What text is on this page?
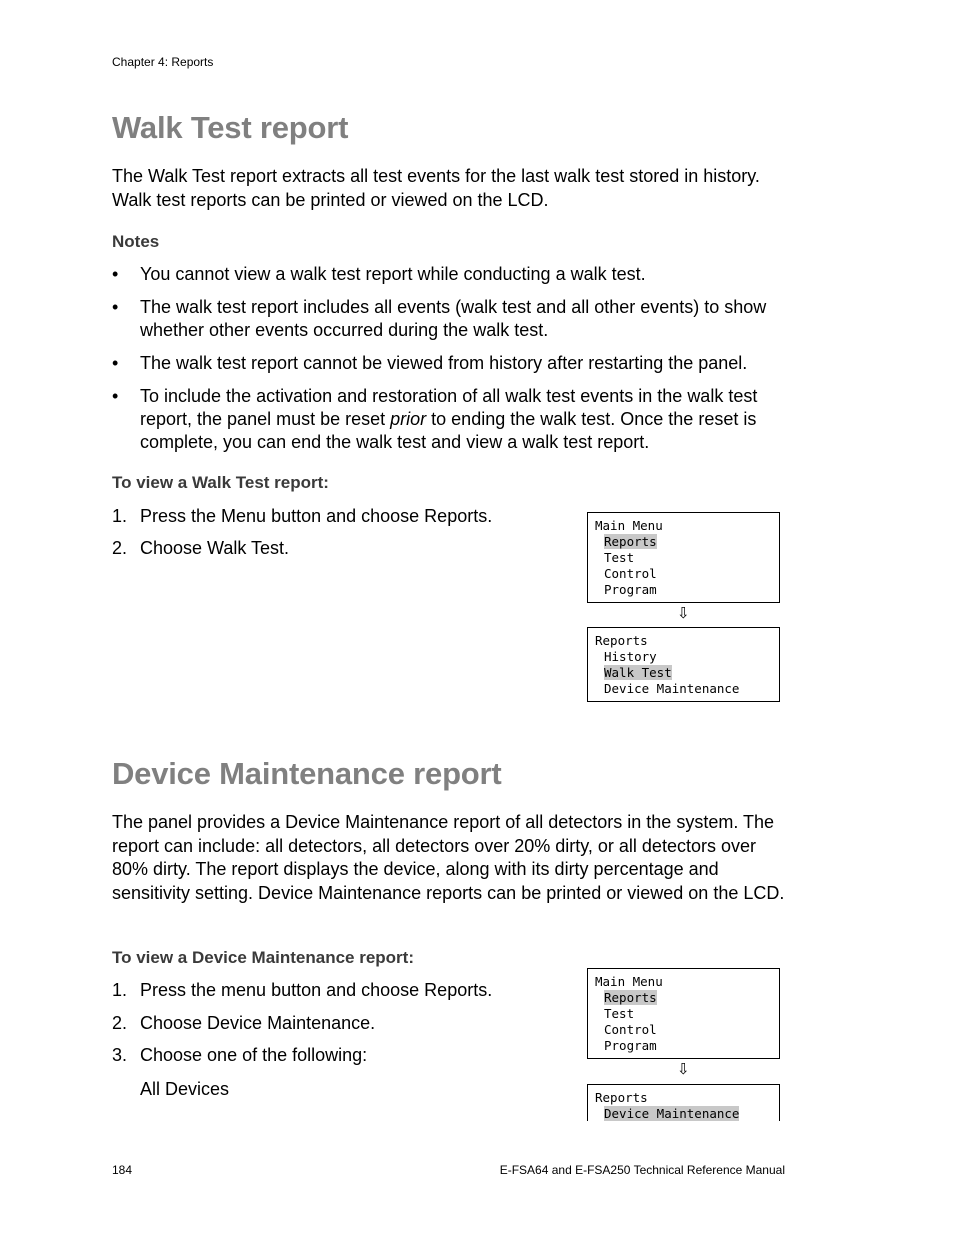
Chapter 4: Reports
Walk Test report
The Walk Test report extracts all test events for the last walk test stored in history. Walk test reports can be printed or viewed on the LCD.
Notes
• You cannot view a walk test report while conducting a walk test.
• The walk test report includes all events (walk test and all other events) to show whether other events occurred during the walk test.
• The walk test report cannot be viewed from history after restarting the panel.
• To include the activation and restoration of all walk test events in the walk test report, the panel must be reset prior to ending the walk test. Once the reset is complete, you can end the walk test and view a walk test report.
To view a Walk Test report:
1. Press the Menu button and choose Reports.
2. Choose Walk Test.
Main Menu
Reports
Test
Control
Program
⇩
Reports
History
Walk Test
Device Maintenance
Device Maintenance report
The panel provides a Device Maintenance report of all detectors in the system. The report can include: all detectors, all detectors over 20% dirty, or all detectors over 80% dirty. The report displays the device, along with its dirty percentage and sensitivity setting. Device Maintenance reports can be printed or viewed on the LCD.
To view a Device Maintenance report:
1. Press the menu button and choose Reports.
2. Choose Device Maintenance.
3. Choose one of the following:
All Devices
Main Menu
Reports
Test
Control
Program
⇩
Reports
Device Maintenance
184	E-FSA64 and E-FSA250 Technical Reference Manual
